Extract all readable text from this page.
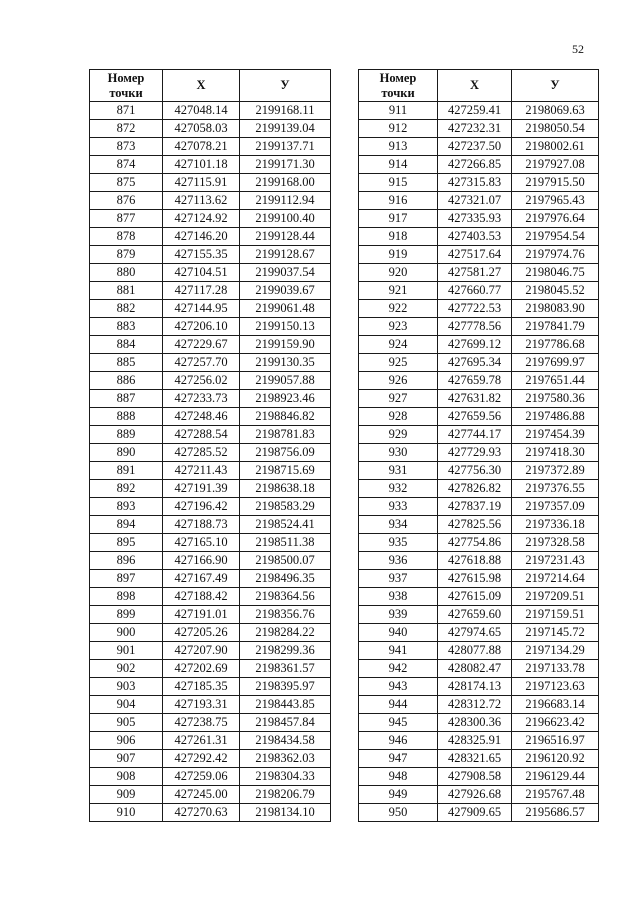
52
Номер
точки	X	У
871	427048.14	2199168.11
872	427058.03	2199139.04
873	427078.21	2199137.71
874	427101.18	2199171.30
875	427115.91	2199168.00
876	427113.62	2199112.94
877	427124.92	2199100.40
878	427146.20	2199128.44
879	427155.35	2199128.67
880	427104.51	2199037.54
881	427117.28	2199039.67
882	427144.95	2199061.48
883	427206.10	2199150.13
884	427229.67	2199159.90
885	427257.70	2199130.35
886	427256.02	2199057.88
887	427233.73	2198923.46
888	427248.46	2198846.82
889	427288.54	2198781.83
890	427285.52	2198756.09
891	427211.43	2198715.69
892	427191.39	2198638.18
893	427196.42	2198583.29
894	427188.73	2198524.41
895	427165.10	2198511.38
896	427166.90	2198500.07
897	427167.49	2198496.35
898	427188.42	2198364.56
899	427191.01	2198356.76
900	427205.26	2198284.22
901	427207.90	2198299.36
902	427202.69	2198361.57
903	427185.35	2198395.97
904	427193.31	2198443.85
905	427238.75	2198457.84
906	427261.31	2198434.58
907	427292.42	2198362.03
908	427259.06	2198304.33
909	427245.00	2198206.79
910	427270.63	2198134.10
Номер
точки	X	У
911	427259.41	2198069.63
912	427232.31	2198050.54
913	427237.50	2198002.61
914	427266.85	2197927.08
915	427315.83	2197915.50
916	427321.07	2197965.43
917	427335.93	2197976.64
918	427403.53	2197954.54
919	427517.64	2197974.76
920	427581.27	2198046.75
921	427660.77	2198045.52
922	427722.53	2198083.90
923	427778.56	2197841.79
924	427699.12	2197786.68
925	427695.34	2197699.97
926	427659.78	2197651.44
927	427631.82	2197580.36
928	427659.56	2197486.88
929	427744.17	2197454.39
930	427729.93	2197418.30
931	427756.30	2197372.89
932	427826.82	2197376.55
933	427837.19	2197357.09
934	427825.56	2197336.18
935	427754.86	2197328.58
936	427618.88	2197231.43
937	427615.98	2197214.64
938	427615.09	2197209.51
939	427659.60	2197159.51
940	427974.65	2197145.72
941	428077.88	2197134.29
942	428082.47	2197133.78
943	428174.13	2197123.63
944	428312.72	2196683.14
945	428300.36	2196623.42
946	428325.91	2196516.97
947	428321.65	2196120.92
948	427908.58	2196129.44
949	427926.68	2195767.48
950	427909.65	2195686.57
